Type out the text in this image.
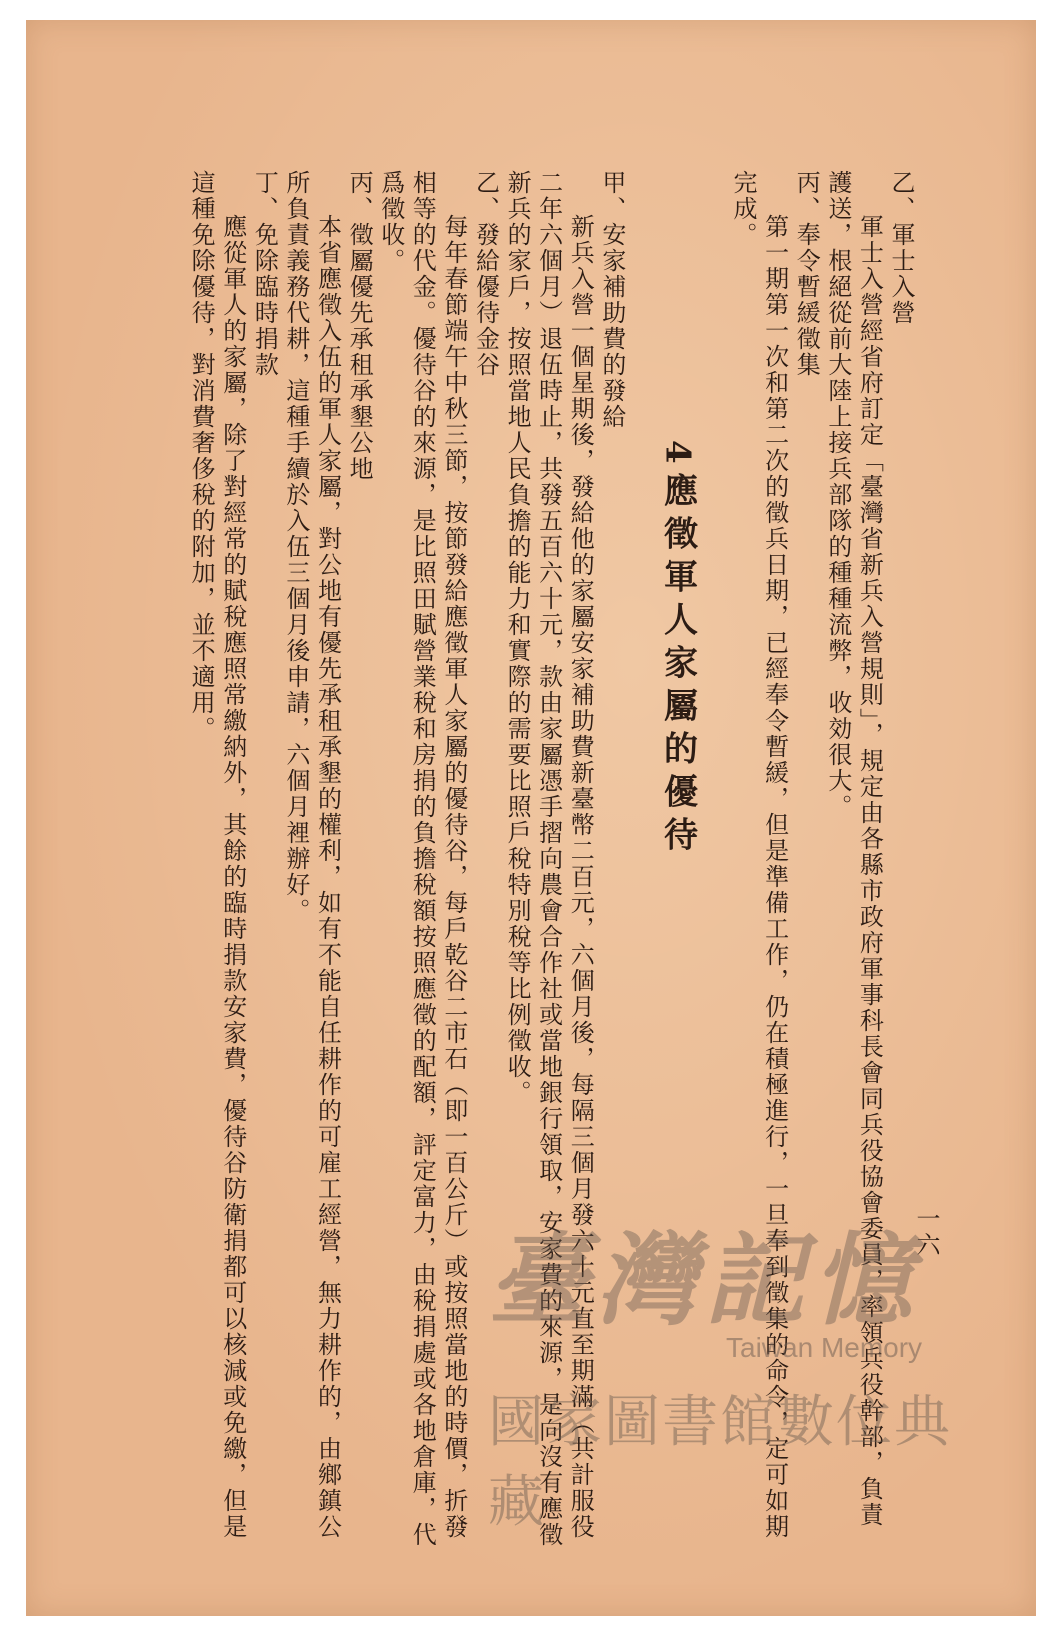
乙、軍士入營
軍士入營經省府訂定「臺灣省新兵入營規則」，規定由各縣市政府軍事科長會同兵役協會委員，率領兵役幹部，負責
護送，根絕從前大陸上接兵部隊的種種流弊，收効很大。
丙、奉令暫緩徵集
第一期第一次和第二次的徵兵日期，已經奉令暫緩，但是準備工作，仍在積極進行，一旦奉到徵集的命令，定可如期
完成。
4應徵軍人家屬的優待
甲、安家補助費的發給
新兵入營一個星期後，發給他的家屬安家補助費新臺幣二百元，六個月後，每隔三個月發六十元直至期滿（共計服役
二年六個月）退伍時止，共發五百六十元，款由家屬憑手摺向農會合作社或當地銀行領取，安家費的來源，是向沒有應徵
新兵的家戶，按照當地人民負擔的能力和實際的需要比照戶稅特別稅等比例徵收。
乙、發給優待金谷
每年春節端午中秋三節，按節發給應徵軍人家屬的優待谷，每戶乾谷二市石（即一百公斤）或按照當地的時價，折發
相等的代金。優待谷的來源，是比照田賦營業稅和房捐的負擔稅額按照應徵的配額，評定富力，由稅捐處或各地倉庫，代
爲徵收。
丙、徵屬優先承租承墾公地
本省應徵入伍的軍人家屬，對公地有優先承租承墾的權利，如有不能自任耕作的可雇工經營，無力耕作的，由鄉鎮公
所負責義務代耕，這種手續於入伍三個月後申請，六個月裡辦好。
丁、免除臨時捐款
應從軍人的家屬，除了對經常的賦稅應照常繳納外，其餘的臨時捐款安家費，優待谷防衛捐都可以核減或免繳，但是
這種免除優待，對消費奢侈稅的附加，並不適用。
一六
臺灣記憶
Taiwan Memory
國家圖書館數位典藏
